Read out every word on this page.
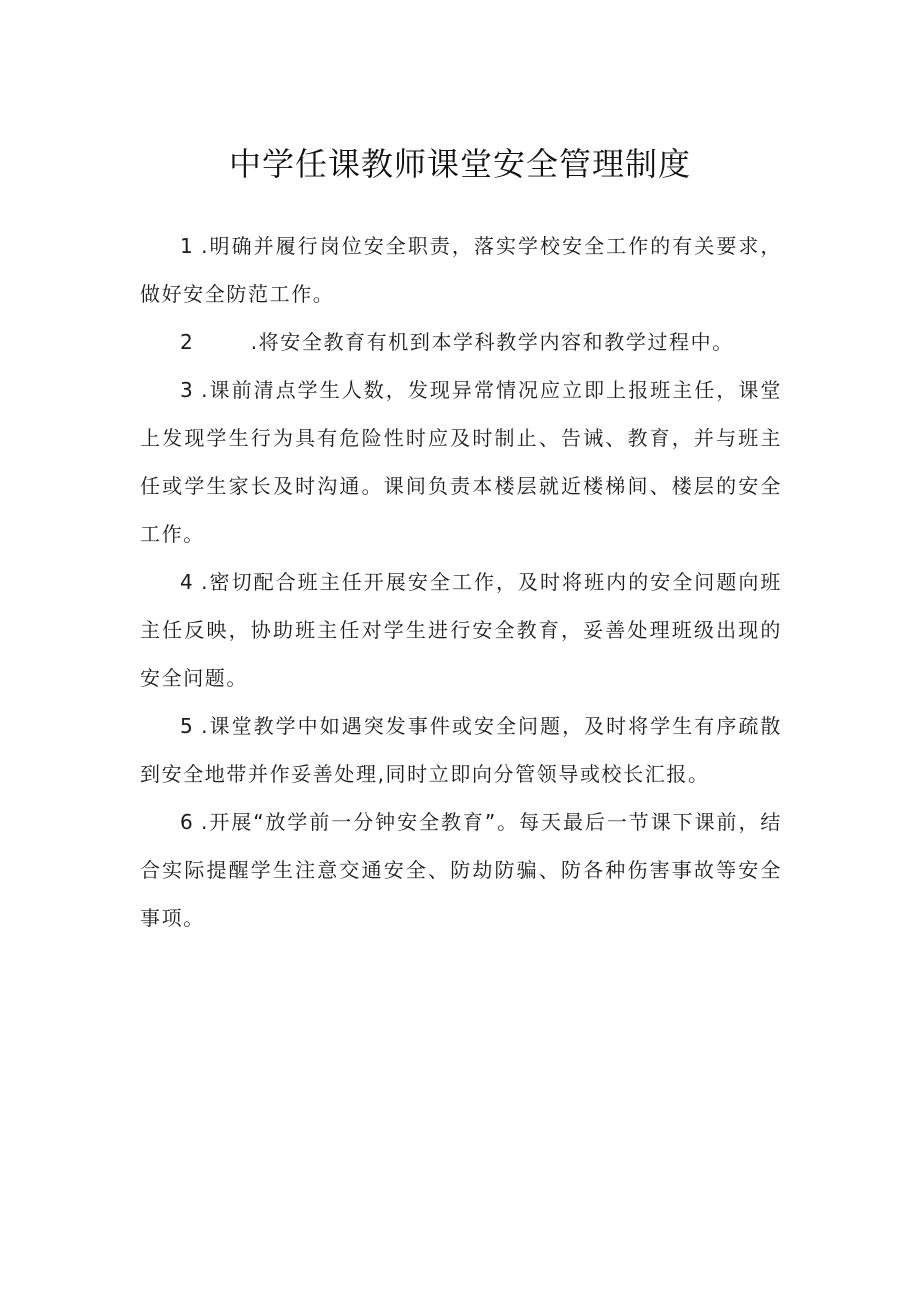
中学任课教师课堂安全管理制度

1 .明确并履行岗位安全职责，落实学校安全工作的有关要求，做好安全防范工作。

2	.将安全教育有机到本学科教学内容和教学过程中。

3 .课前清点学生人数，发现异常情况应立即上报班主任，课堂上发现学生行为具有危险性时应及时制止、告诫、教育，并与班主任或学生家长及时沟通。课间负责本楼层就近楼梯间、楼层的安全工作。

4 .密切配合班主任开展安全工作，及时将班内的安全问题向班主任反映，协助班主任对学生进行安全教育，妥善处理班级出现的安全问题。

5 .课堂教学中如遇突发事件或安全问题，及时将学生有序疏散到安全地带并作妥善处理,同时立即向分管领导或校长汇报。

6 .开展“放学前一分钟安全教育”。每天最后一节课下课前，结合实际提醒学生注意交通安全、防劫防骗、防各种伤害事故等安全事项。
